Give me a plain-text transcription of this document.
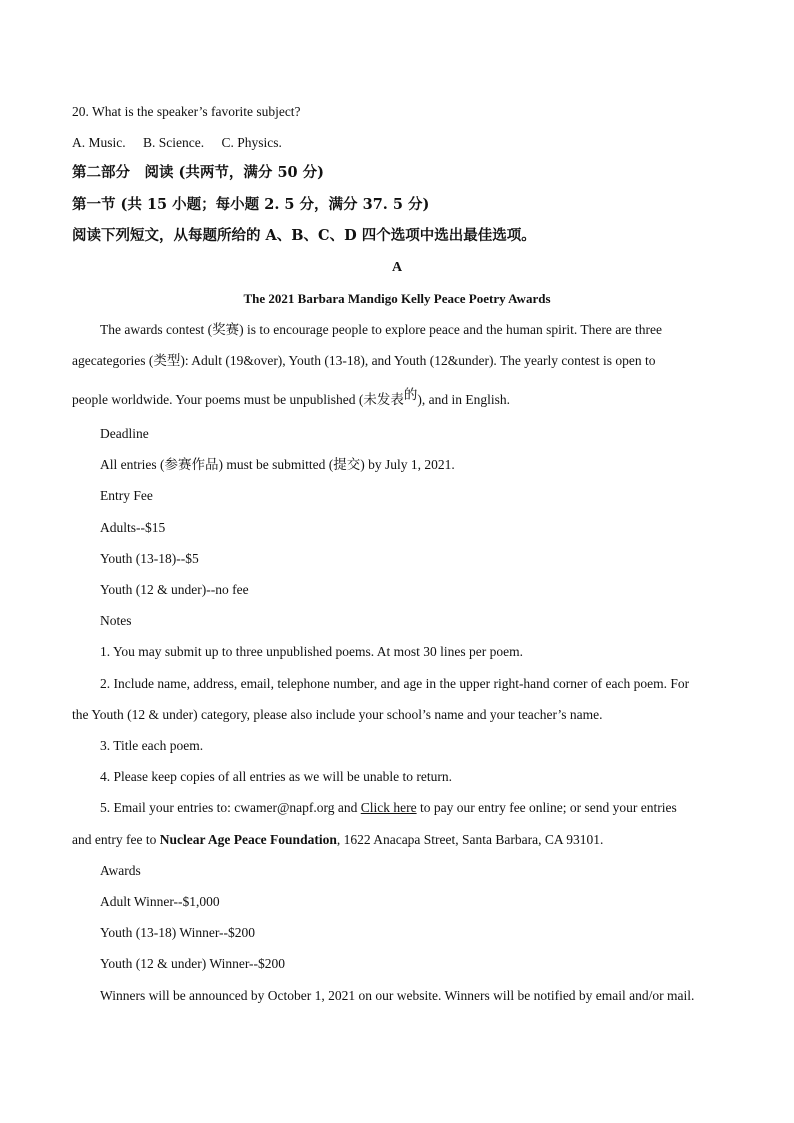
20. What is the speaker’s favorite subject?
A. Music. B. Science. C. Physics.
第二部分　阅读 (共两节，满分 50 分)
第一节 (共 15 小题；每小题 2. 5 分，满分 37. 5 分)
阅读下列短文，从每题所给的 A、B、C、D 四个选项中选出最佳选项。
A
The 2021 Barbara Mandigo Kelly Peace Poetry Awards
The awards contest (奖赛) is to encourage people to explore peace and the human spirit. There are three
agecategories (类型): Adult (19&over), Youth (13-18), and Youth (12&under). The yearly contest is open to
people worldwide. Your poems must be unpublished (未发表的), and in English.
Deadline
All entries (参赛作品) must be submitted (提交) by July 1, 2021.
Entry Fee
Adults--$15
Youth (13-18)--$5
Youth (12 & under)--no fee
Notes
1. You may submit up to three unpublished poems. At most 30 lines per poem.
2. Include name, address, email, telephone number, and age in the upper right-hand corner of each poem. For
the Youth (12 & under) category, please also include your school’s name and your teacher’s name.
3. Title each poem.
4. Please keep copies of all entries as we will be unable to return.
5. Email your entries to: cwamer@napf.org and Click here to pay our entry fee online; or send your entries
and entry fee to Nuclear Age Peace Foundation, 1622 Anacapa Street, Santa Barbara, CA 93101.
Awards
Adult Winner--$1,000
Youth (13-18) Winner--$200
Youth (12 & under) Winner--$200
Winners will be announced by October 1, 2021 on our website. Winners will be notified by email and/or mail.
